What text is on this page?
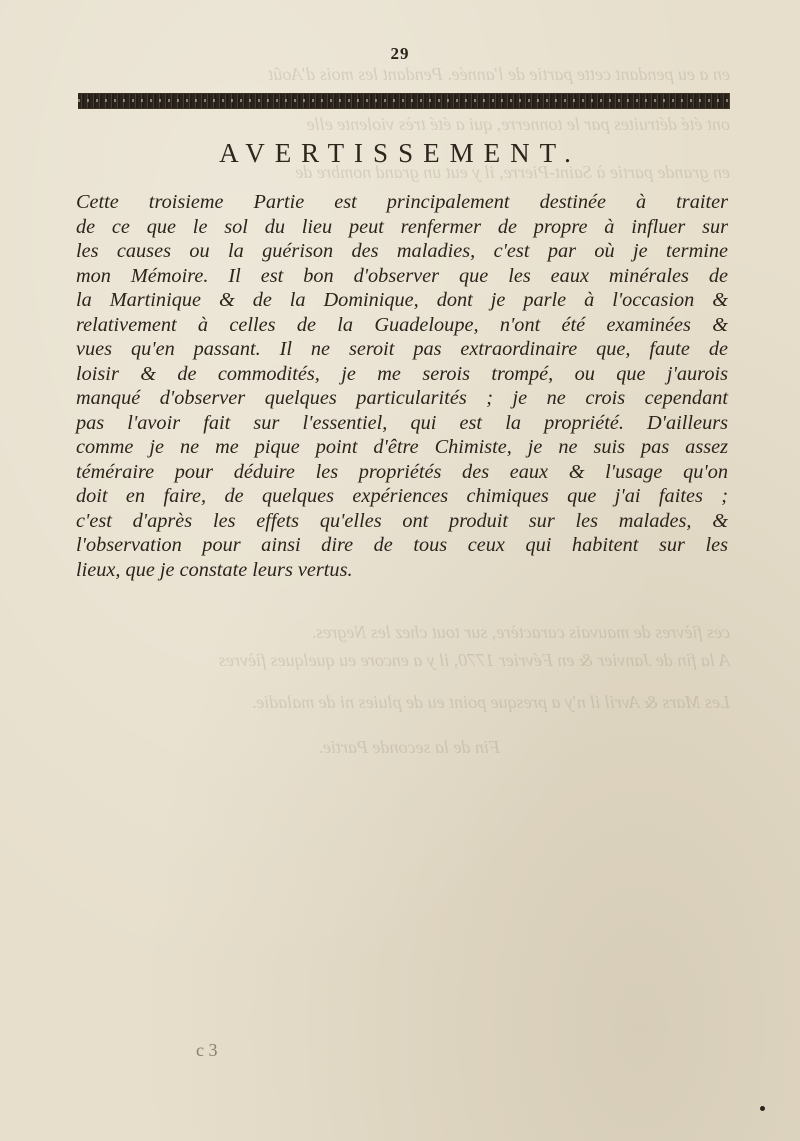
en a eu pendant cette partie de l'année. Pendant les mois d'Août
ont été détruites par le tonnerre, qui a été très violente elle
en grande partie à Saint-Pierre, il y eut un grand nombre de
ces fièvres de mauvais caractère, sur tout chez les Negres.
A la fin de Janvier & en Février 1770, il y a encore eu quelques fièvres
Les Mars & Avril il n'y a presque point eu de pluies ni de maladie.
Fin de la seconde Partie.
29
AVERTISSEMENT.
Cette troisieme Partie est principalement destinée à traiter
de ce que le sol du lieu peut renfermer de propre à influer sur
les causes ou la guérison des maladies, c'est par où je termine
mon Mémoire. Il est bon d'observer que les eaux minérales de
la Martinique & de la Dominique, dont je parle à l'occasion &
relativement à celles de la Guadeloupe, n'ont été examinées &
vues qu'en passant. Il ne seroit pas extraordinaire que, faute de
loisir & de commodités, je me serois trompé, ou que j'aurois
manqué d'observer quelques particularités ; je ne crois cependant
pas l'avoir fait sur l'essentiel, qui est la propriété. D'ailleurs
comme je ne me pique point d'être Chimiste, je ne suis pas assez
téméraire pour déduire les propriétés des eaux & l'usage qu'on
doit en faire, de quelques expériences chimiques que j'ai faites ;
c'est d'après les effets qu'elles ont produit sur les malades, &
l'observation pour ainsi dire de tous ceux qui habitent sur les
lieux, que je constate leurs vertus.
c 3
